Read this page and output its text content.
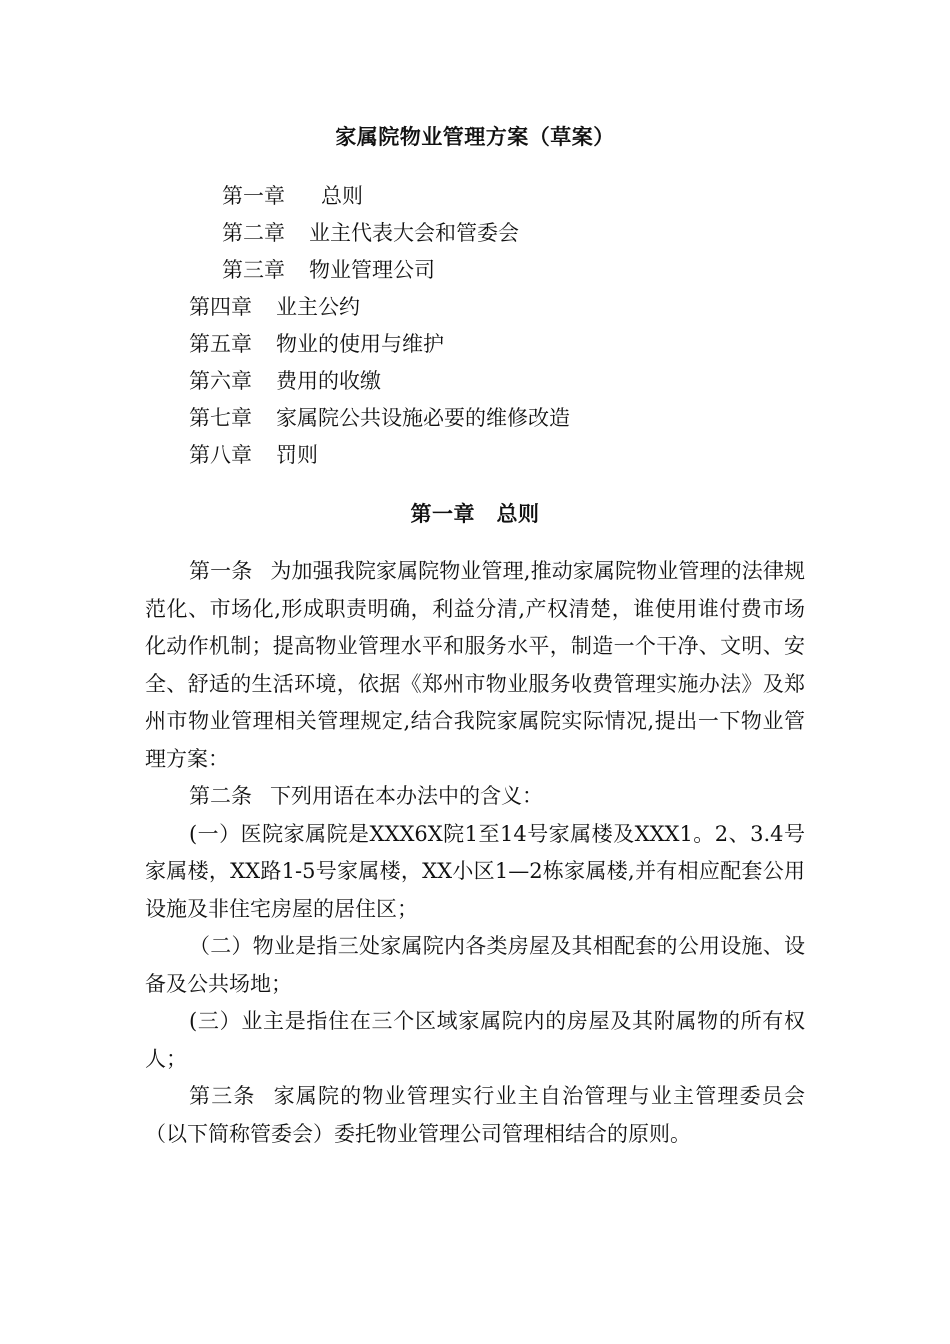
家属院物业管理方案（草案）
第一章 总则
第二章 业主代表大会和管委会
第三章 物业管理公司
第四章 业主公约
第五章 物业的使用与维护
第六章 费用的收缴
第七章 家属院公共设施必要的维修改造
第八章 罚则
第一章　总则

第一条 为加强我院家属院物业管理,推动家属院物业管理的法律规范化、市场化,形成职责明确，利益分清,产权清楚，谁使用谁付费市场化动作机制；提高物业管理水平和服务水平，制造一个干净、文明、安全、舒适的生活环境，依据《郑州市物业服务收费管理实施办法》及郑州市物业管理相关管理规定,结合我院家属院实际情况,提出一下物业管理方案：

第二条 下列用语在本办法中的含义：

(一）医院家属院是XXX6X院1至14号家属楼及XXX1。2、3.4号家属楼，XX路1-5号家属楼，XX小区1—2栋家属楼,并有相应配套公用设施及非住宅房屋的居住区；

（二）物业是指三处家属院内各类房屋及其相配套的公用设施、设备及公共场地；

(三）业主是指住在三个区域家属院内的房屋及其附属物的所有权人；

第三条 家属院的物业管理实行业主自治管理与业主管理委员会（以下简称管委会）委托物业管理公司管理相结合的原则。
